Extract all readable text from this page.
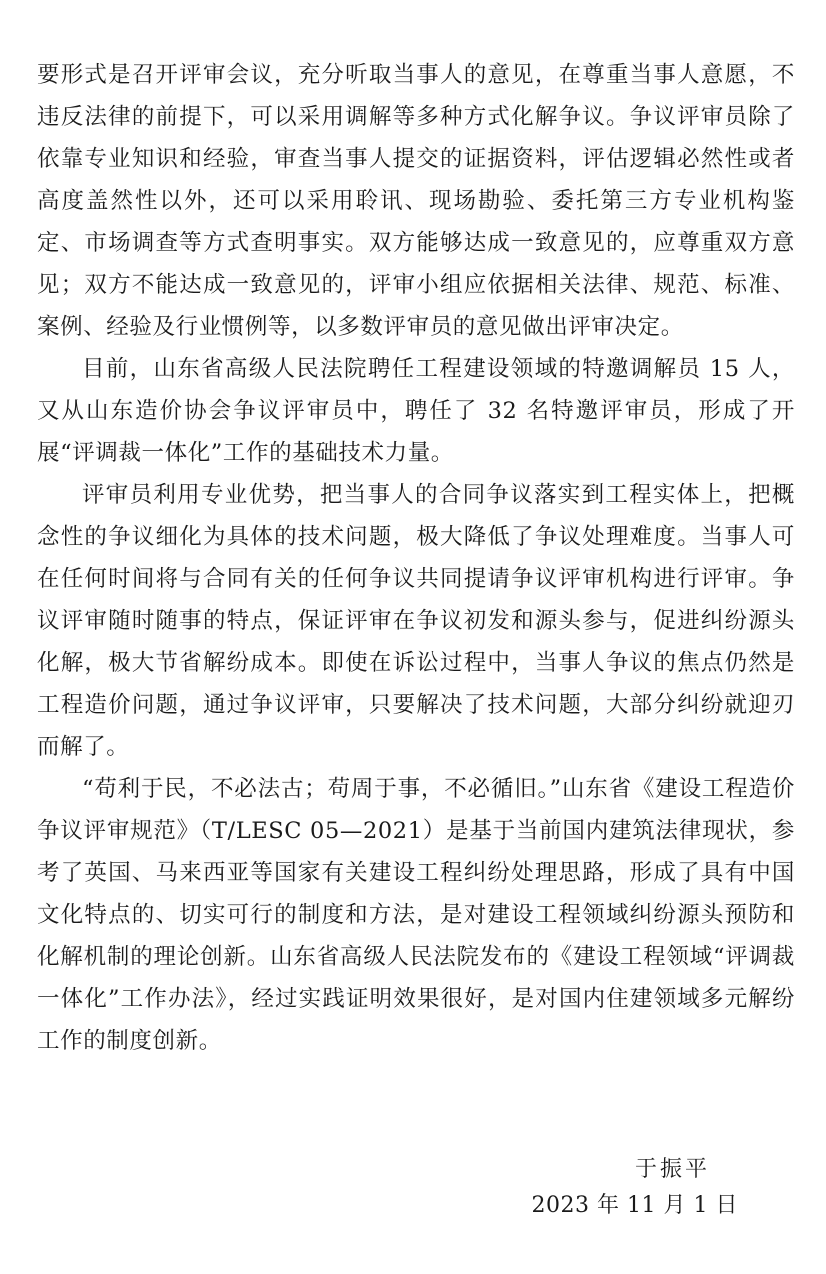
要形式是召开评审会议，充分听取当事人的意见，在尊重当事人意愿，不违反法律的前提下，可以采用调解等多种方式化解争议。争议评审员除了依靠专业知识和经验，审查当事人提交的证据资料，评估逻辑必然性或者高度盖然性以外，还可以采用聆讯、现场勘验、委托第三方专业机构鉴定、市场调查等方式查明事实。双方能够达成一致意见的，应尊重双方意见；双方不能达成一致意见的，评审小组应依据相关法律、规范、标准、案例、经验及行业惯例等，以多数评审员的意见做出评审决定。

目前，山东省高级人民法院聘任工程建设领域的特邀调解员 15 人，又从山东造价协会争议评审员中，聘任了 32 名特邀评审员，形成了开展“评调裁一体化”工作的基础技术力量。

评审员利用专业优势，把当事人的合同争议落实到工程实体上，把概念性的争议细化为具体的技术问题，极大降低了争议处理难度。当事人可在任何时间将与合同有关的任何争议共同提请争议评审机构进行评审。争议评审随时随事的特点，保证评审在争议初发和源头参与，促进纠纷源头化解，极大节省解纷成本。即使在诉讼过程中，当事人争议的焦点仍然是工程造价问题，通过争议评审，只要解决了技术问题，大部分纠纷就迎刃而解了。

“苟利于民，不必法古；苟周于事，不必循旧。”山东省《建设工程造价争议评审规范》（T/LESC 05—2021）是基于当前国内建筑法律现状，参考了英国、马来西亚等国家有关建设工程纠纷处理思路，形成了具有中国文化特点的、切实可行的制度和方法，是对建设工程领域纠纷源头预防和化解机制的理论创新。山东省高级人民法院发布的《建设工程领域“评调裁一体化”工作办法》，经过实践证明效果很好，是对国内住建领域多元解纷工作的制度创新。

于振平
2023 年 11 月 1 日
